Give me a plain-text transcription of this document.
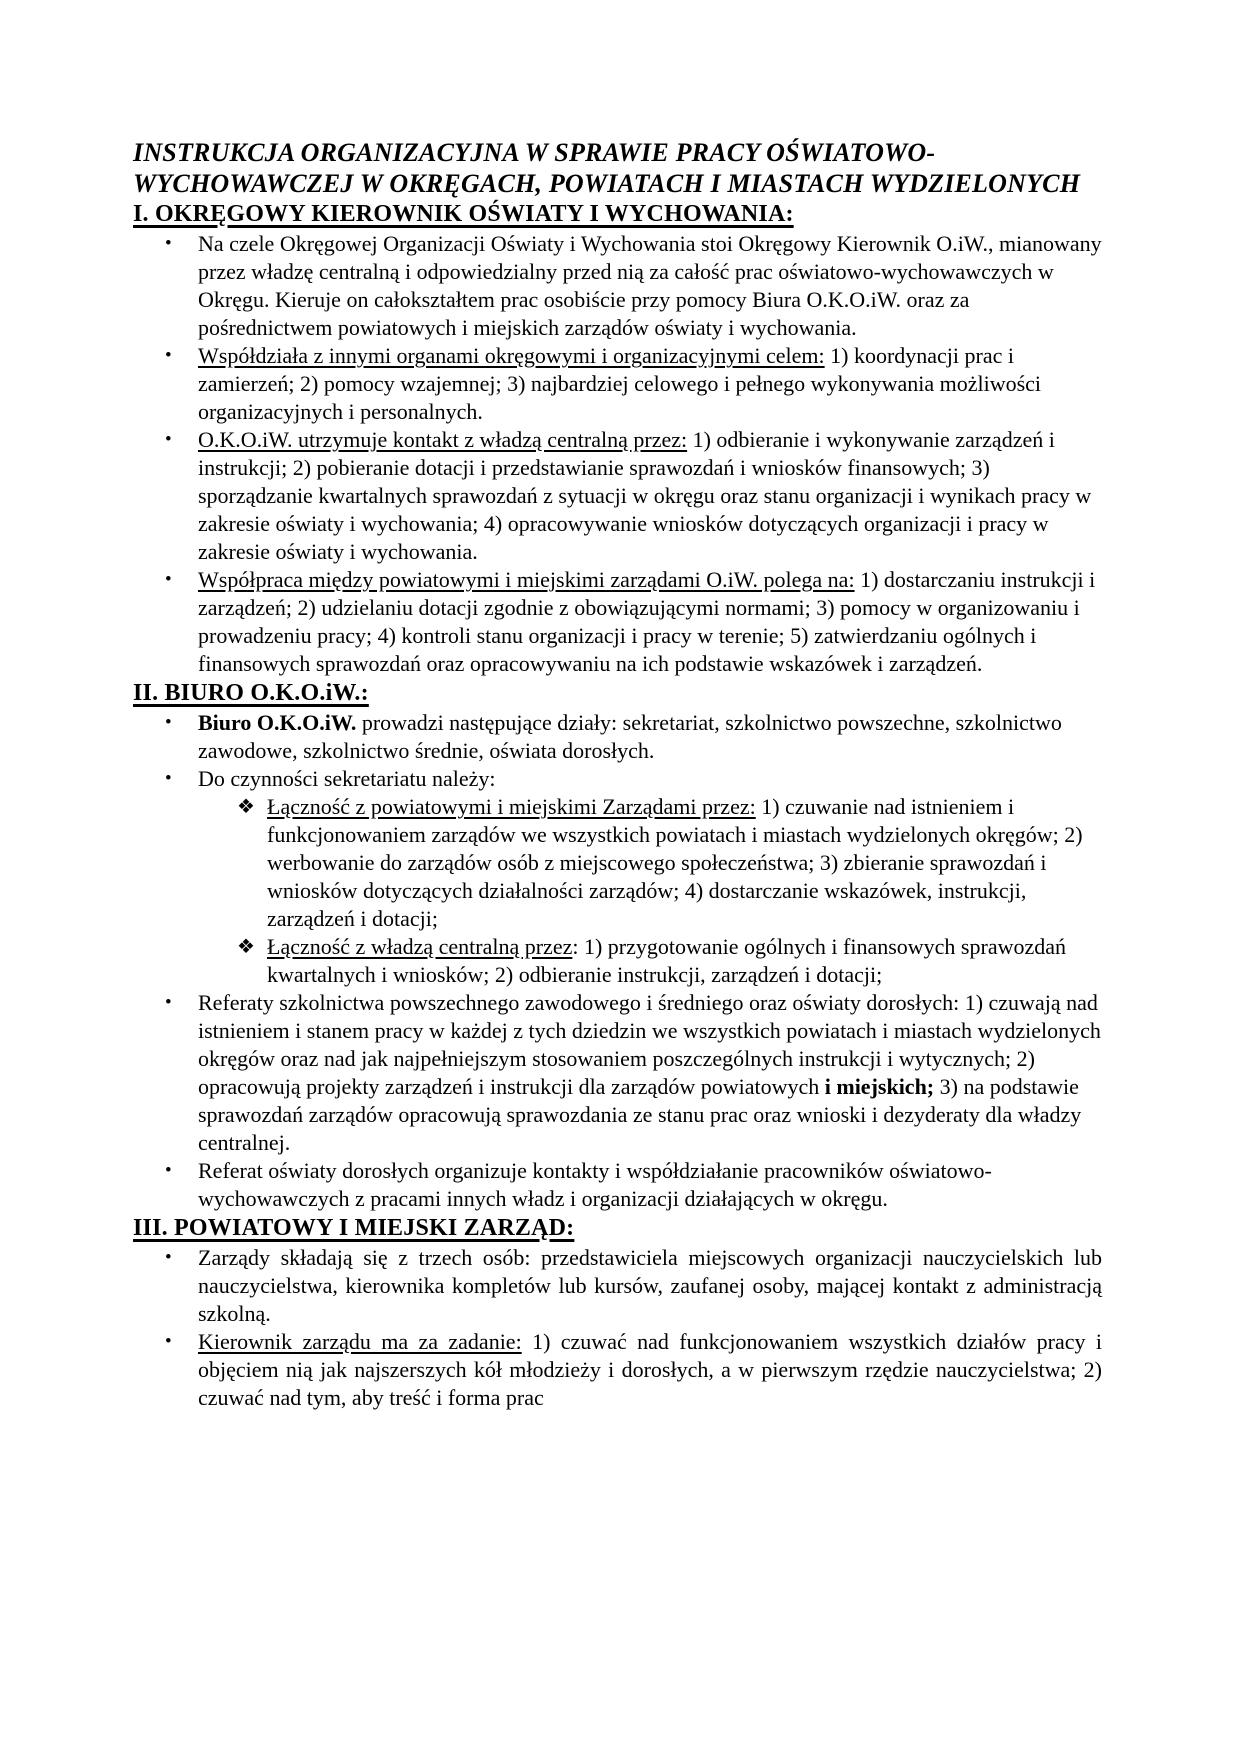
INSTRUKCJA ORGANIZACYJNA W SPRAWIE PRACY OŚWIATOWO-
WYCHOWAWCZEJ W OKRĘGACH, POWIATACH I MIASTACH WYDZIELONYCH
I. OKRĘGOWY KIEROWNIK OŚWIATY I WYCHOWANIA:
•	Na czele Okręgowej Organizacji Oświaty i Wychowania stoi Okręgowy Kierownik O.iW., mianowany przez władzę centralną i odpowiedzialny przed nią za całość prac oświatowo-wychowawczych w Okręgu. Kieruje on całokształtem prac osobiście przy pomocy Biura O.K.O.iW. oraz za pośrednictwem powiatowych i miejskich zarządów oświaty i wychowania.
•	Współdziała z innymi organami okręgowymi i organizacyjnymi celem: 1) koordynacji prac i zamierzeń; 2) pomocy wzajemnej; 3) najbardziej celowego i pełnego wykonywania możliwości organizacyjnych i personalnych.
•	O.K.O.iW. utrzymuje kontakt z władzą centralną przez: 1) odbieranie i wykonywanie zarządzeń i instrukcji; 2) pobieranie dotacji i przedstawianie sprawozdań i wniosków finansowych; 3) sporządzanie kwartalnych sprawozdań z sytuacji w okręgu oraz stanu organizacji i wynikach pracy w zakresie oświaty i wychowania; 4) opracowywanie wniosków dotyczących organizacji i pracy w zakresie oświaty i wychowania.
•	Współpraca między powiatowymi i miejskimi zarządami O.iW. polega na: 1) dostarczaniu instrukcji i zarządzeń; 2) udzielaniu dotacji zgodnie z obowiązującymi normami; 3) pomocy w organizowaniu i prowadzeniu pracy; 4) kontroli stanu organizacji i pracy w terenie; 5) zatwierdzaniu ogólnych i finansowych sprawozdań oraz opracowywaniu na ich podstawie wskazówek i zarządzeń.
II. BIURO O.K.O.iW.:
•	Biuro O.K.O.iW. prowadzi następujące działy: sekretariat, szkolnictwo powszechne, szkolnictwo zawodowe, szkolnictwo średnie, oświata dorosłych.
•	Do czynności sekretariatu należy:
❖ Łączność z powiatowymi i miejskimi Zarządami przez: 1) czuwanie nad istnieniem i funkcjonowaniem zarządów we wszystkich powiatach i miastach wydzielonych okręgów; 2) werbowanie do zarządów osób z miejscowego społeczeństwa; 3) zbieranie sprawozdań i wniosków dotyczących działalności zarządów; 4) dostarczanie wskazówek, instrukcji, zarządzeń i dotacji;
❖ Łączność z władzą centralną przez: 1) przygotowanie ogólnych i finansowych sprawozdań kwartalnych i wniosków; 2) odbieranie instrukcji, zarządzeń i dotacji;
•	Referaty szkolnictwa powszechnego zawodowego i średniego oraz oświaty dorosłych: 1) czuwają nad istnieniem i stanem pracy w każdej z tych dziedzin we wszystkich powiatach i miastach wydzielonych okręgów oraz nad jak najpełniejszym stosowaniem poszczególnych instrukcji i wytycznych; 2) opracowują projekty zarządzeń i instrukcji dla zarządów powiatowych i miejskich; 3) na podstawie sprawozdań zarządów opracowują sprawozdania ze stanu prac oraz wnioski i dezyderaty dla władzy centralnej.
•	Referat oświaty dorosłych organizuje kontakty i współdziałanie pracowników oświatowo-wychowawczych z pracami innych władz i organizacji działających w okręgu.
III. POWIATOWY I MIEJSKI ZARZĄD:
•	Zarządy składają się z trzech osób: przedstawiciela miejscowych organizacji nauczycielskich lub nauczycielstwa, kierownika kompletów lub kursów, zaufanej osoby, mającej kontakt z administracją szkolną.
•	Kierownik zarządu ma za zadanie: 1) czuwać nad funkcjonowaniem wszystkich działów pracy i objęciem nią jak najszerszych kół młodzieży i dorosłych, a w pierwszym rzędzie nauczycielstwa; 2) czuwać nad tym, aby treść i forma prac
